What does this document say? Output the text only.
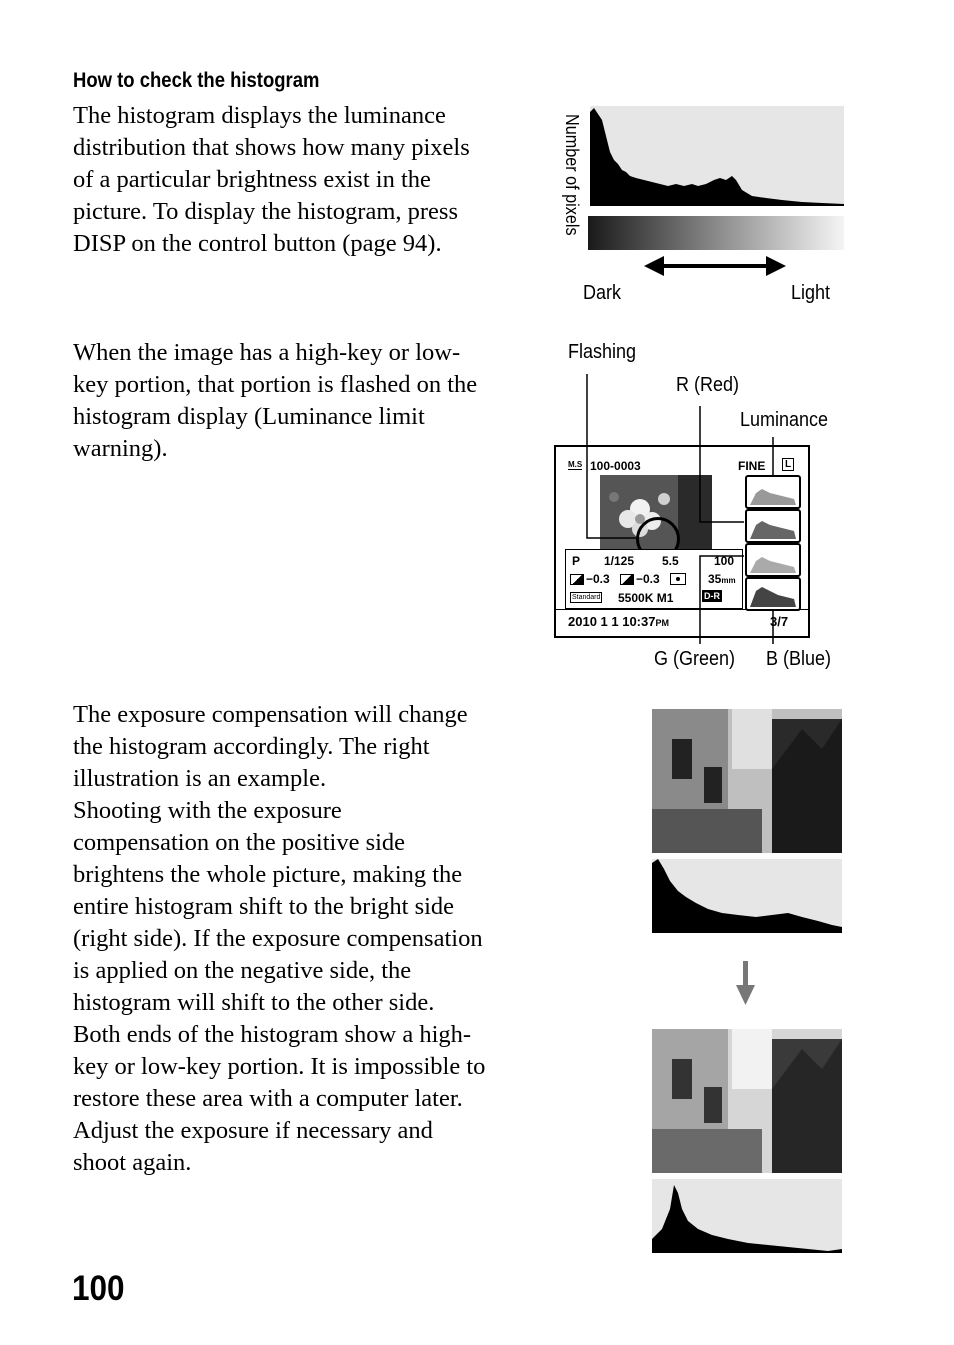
How to check the histogram
The histogram displays the luminance
distribution that shows how many pixels
of a particular brightness exist in the
picture. To display the histogram, press
DISP on the control button (page 94).
When the image has a high-key or low-
key portion, that portion is flashed on the
histogram display (Luminance limit
warning).
The exposure compensation will change
the histogram accordingly. The right
illustration is an example.
Shooting with the exposure
compensation on the positive side
brightens the whole picture, making the
entire histogram shift to the bright side
(right side). If the exposure compensation
is applied on the negative side, the
histogram will shift to the other side.
Both ends of the histogram show a high-
key or low-key portion. It is impossible to
restore these area with a computer later.
Adjust the exposure if necessary and
shoot again.
100
Number of pixels
Dark	Light
Flashing
R (Red)
Luminance
G (Green) B (Blue)
M.S 100-0003	FINE	L
P 1/125 5.5	100
−0.3 −0.3	35mm
Standard 5500K M1	D-R
2010 1 1 10:37PM	3/7
